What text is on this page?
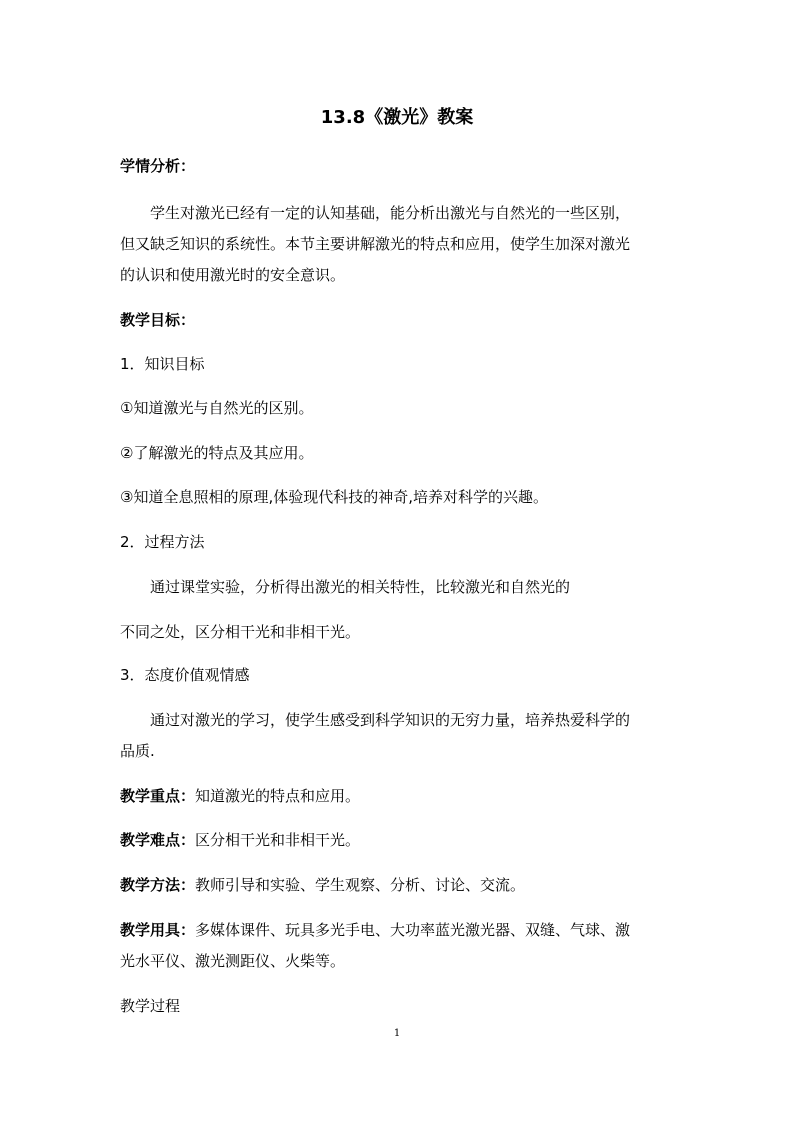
13.8《激光》教案
学情分析：
学生对激光已经有一定的认知基础，能分析出激光与自然光的一些区别，
但又缺乏知识的系统性。本节主要讲解激光的特点和应用，使学生加深对激光
的认识和使用激光时的安全意识。
教学目标：
1．知识目标
①知道激光与自然光的区别。
②了解激光的特点及其应用。
③知道全息照相的原理,体验现代科技的神奇,培养对科学的兴趣。
2．过程方法
通过课堂实验，分析得出激光的相关特性，比较激光和自然光的
不同之处，区分相干光和非相干光。
3．态度价值观情感
通过对激光的学习，使学生感受到科学知识的无穷力量，培养热爱科学的
品质.
教学重点：知道激光的特点和应用。
教学难点：区分相干光和非相干光。
教学方法：教师引导和实验、学生观察、分析、讨论、交流。
教学用具：多媒体课件、玩具多光手电、大功率蓝光激光器、双缝、气球、激
光水平仪、激光测距仪、火柴等。
教学过程
1
